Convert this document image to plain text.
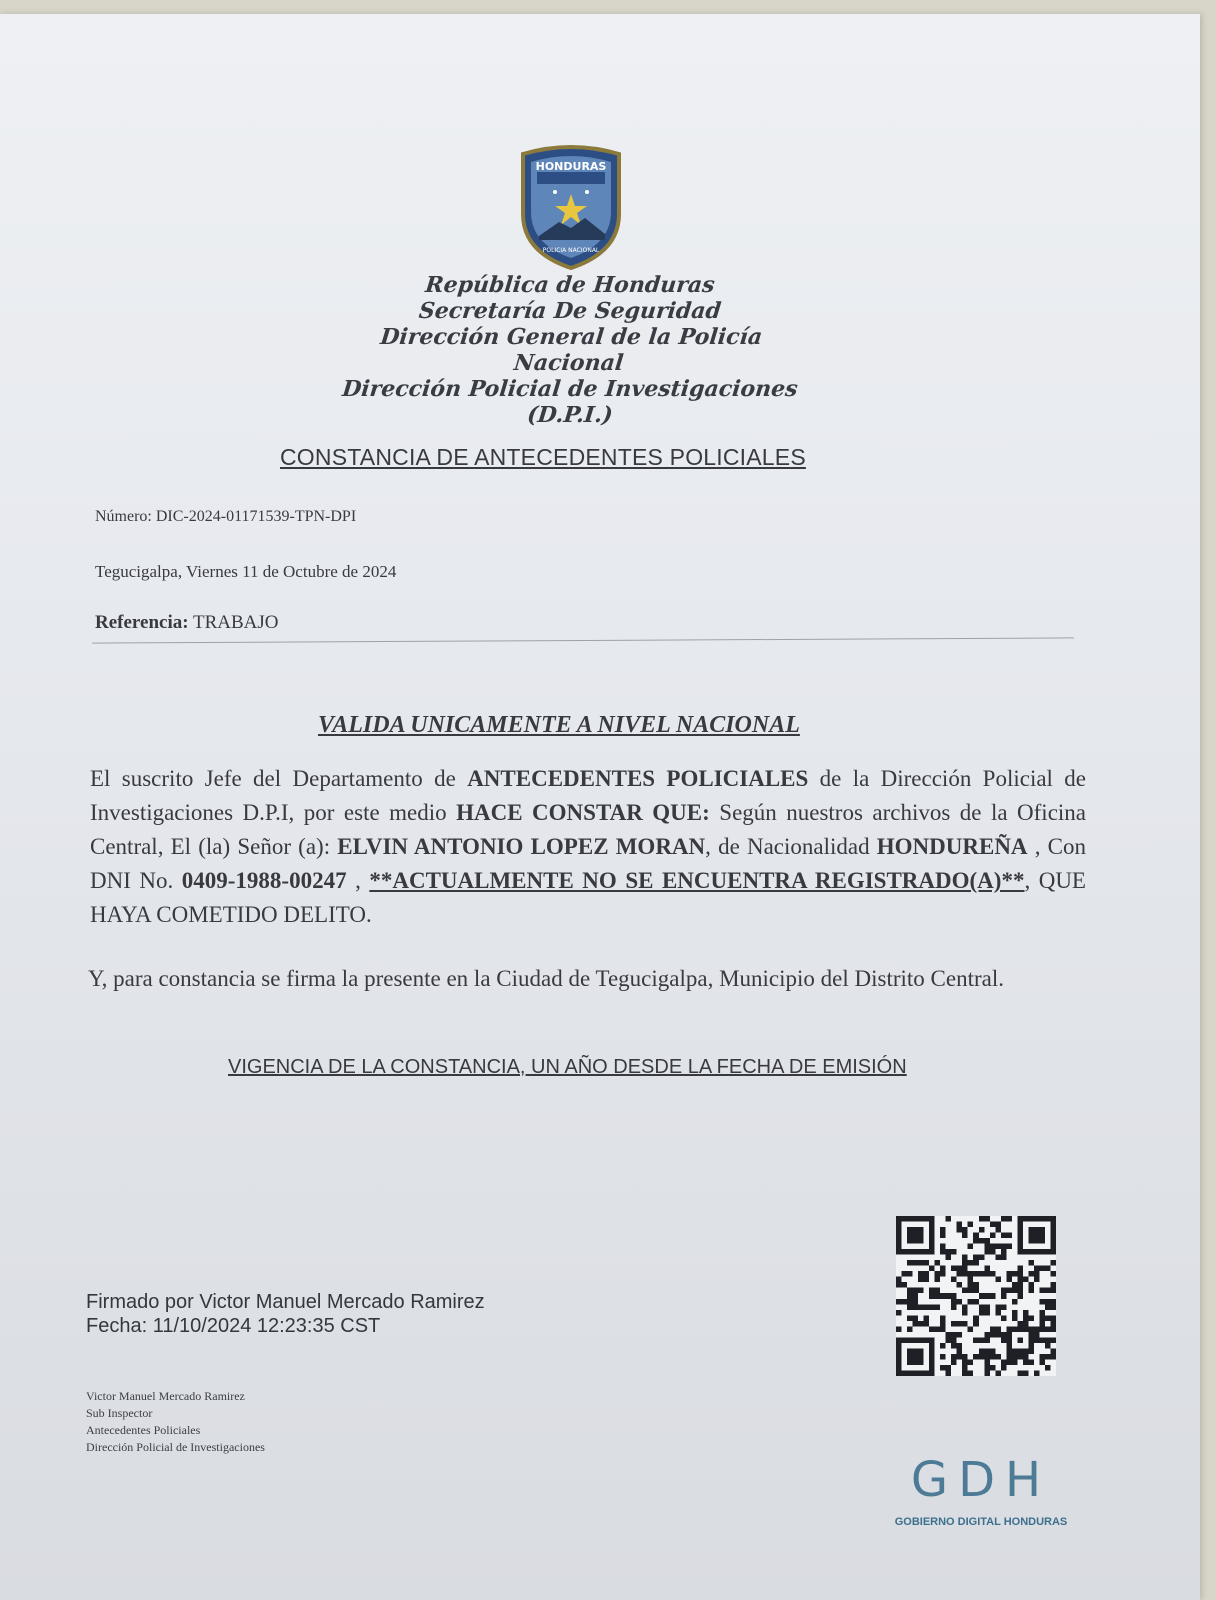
HONDURAS
POLICIA NACIONAL
República de Honduras
Secretaría De Seguridad
Dirección General de la Policía Nacional
Dirección Policial de Investigaciones
(D.P.I.)
CONSTANCIA DE ANTECEDENTES POLICIALES
Número: DIC-2024-01171539-TPN-DPI
Tegucigalpa, Viernes 11 de Octubre de 2024
Referencia: TRABAJO
VALIDA UNICAMENTE A NIVEL NACIONAL
El suscrito Jefe del Departamento de ANTECEDENTES POLICIALES de la Dirección Policial de Investigaciones D.P.I, por este medio HACE CONSTAR QUE: Según nuestros archivos de la Oficina Central, El (la) Señor (a): ELVIN ANTONIO LOPEZ MORAN, de Nacionalidad HONDUREÑA , Con DNI No. 0409-1988-00247 , **ACTUALMENTE NO SE ENCUENTRA REGISTRADO(A)**, QUE HAYA COMETIDO DELITO.
Y, para constancia se firma la presente en la Ciudad de Tegucigalpa, Municipio del Distrito Central.
VIGENCIA DE LA CONSTANCIA, UN AÑO DESDE LA FECHA DE EMISIÓN
Firmado por Victor Manuel Mercado Ramirez
Fecha: 11/10/2024 12:23:35 CST
Victor Manuel Mercado Ramirez
Sub Inspector
Antecedentes Policiales
Dirección Policial de Investigaciones
GDH
GOBIERNO DIGITAL HONDURAS
